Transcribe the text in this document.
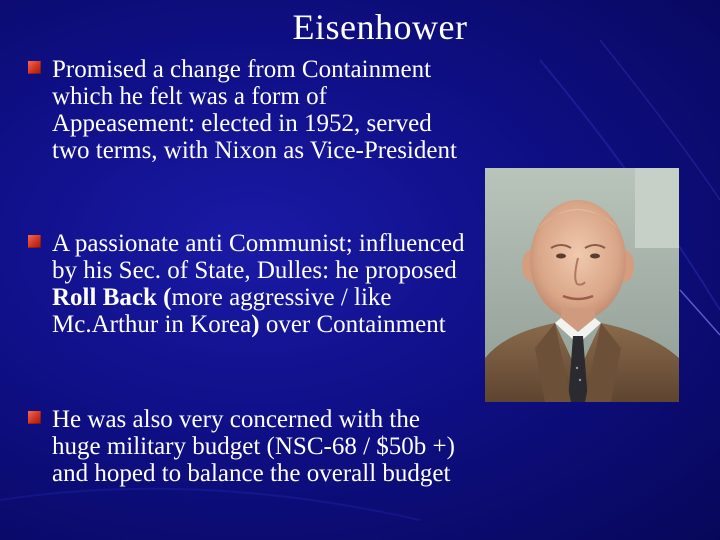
Eisenhower
Promised a change from Containment which he felt was a form of Appeasement: elected in 1952, served two terms, with Nixon as Vice-President
A passionate anti Communist; influenced by his Sec. of State, Dulles: he proposed Roll Back (more aggressive / like Mc.Arthur in Korea) over Containment
He was also very concerned with the huge military budget (NSC-68 / $50b +) and hoped to balance the overall budget
